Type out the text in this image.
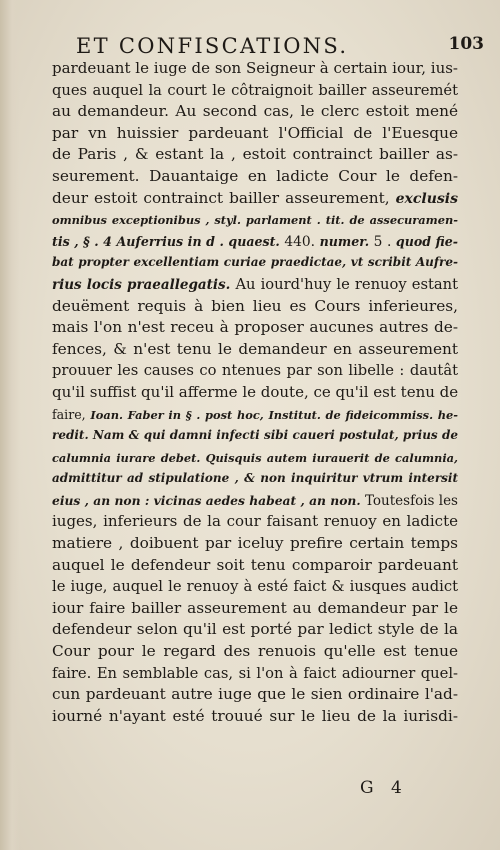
ET CONFISCATIONS.	103
pardeuant le iuge de son Seigneur à certain iour, ius-
ques auquel la court le côtraignoit bailler asseuremét
au demandeur. Au second cas, le clerc estoit mené
par vn huissier pardeuant l'Official de l'Euesque
de Paris , & estant la , estoit contrainct bailler as-
seurement. Dauantaige en ladicte Cour le defen-
deur estoit contrainct bailler asseurement, exclusis
omnibus exceptionibus , styl. parlament . tit. de assecuramen-
tis , § . 4 Auferrius in d . quaest. 440. numer. 5 . quod fie-
bat propter excellentiam curiae praedictae, vt scribit Aufre-
rius locis praeallegatis. Au iourd'huy le renuoy estant
deuëment requis à bien lieu es Cours inferieures,
mais l'on n'est receu à proposer aucunes autres de-
fences, & n'est tenu le demandeur en asseurement
prouuer les causes co ntenues par son libelle : dautât
qu'il suffist qu'il afferme le doute, ce qu'il est tenu de
faire, Ioan. Faber in § . post hoc, Institut. de fideicommiss. he-
redit. Nam & qui damni infecti sibi caueri postulat, prius de
calumnia iurare debet. Quisquis autem iurauerit de calumnia,
admittitur ad stipulatione , & non inquiritur vtrum intersit
eius , an non : vicinas aedes habeat , an non. Toutesfois les
iuges, inferieurs de la cour faisant renuoy en ladicte
matiere , doibuent par iceluy prefire certain temps
auquel le defendeur soit tenu comparoir pardeuant
le iuge, auquel le renuoy à esté faict & iusques audict
iour faire bailler asseurement au demandeur par le
defendeur selon qu'il est porté par ledict style de la
Cour pour le regard des renuois qu'elle est tenue
faire. En semblable cas, si l'on à faict adiourner quel-
cun pardeuant autre iuge que le sien ordinaire l'ad-
iourné n'ayant esté trouué sur le lieu de la iurisdi-
G 4
